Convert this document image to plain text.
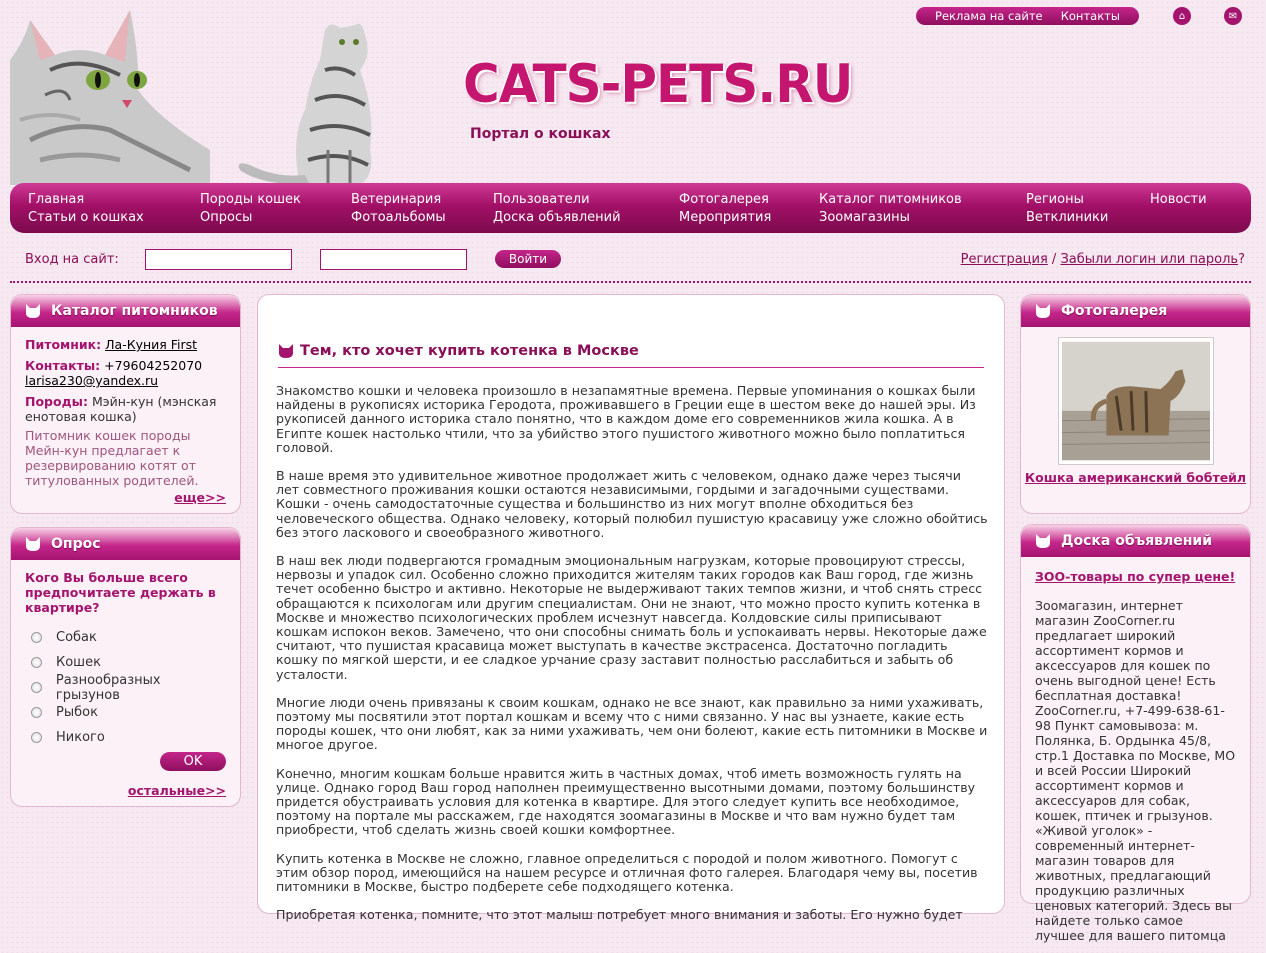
Реклама на сайте Контакты	⌂	✉
CATS-PETS.RU
Портал о кошках
Главная
Статьи о кошках
Породы кошек
Опросы
Ветеринария
Фотоальбомы
Пользователи
Доска объявлений
Фотогалерея
Мероприятия
Каталог питомников
Зоомагазины
Регионы
Ветклиники
Новости
Вход на сайт:	Войти	Регистрация / Забыли логин или пароль?
Каталог питомников
Питомник: Ла-Куния First
Контакты: +79604252070
larisa230@yandex.ru
Породы: Мэйн-кун (мэнская енотовая кошка)
Питомник кошек породы Мейн-кун предлагает к резервированию котят от титулованных родителей.
еще>>
Опрос
Кого Вы больше всего предпочитаете держать в квартире?
Собак
Кошек
Разнообразных грызунов
Рыбок
Никого
OK
остальные>>
Тем, кто хочет купить котенка в Москве

Знакомство кошки и человека произошло в незапамятные времена. Первые упоминания о кошках были найдены в рукописях историка Геродота, проживавшего в Греции еще в шестом веке до нашей эры. Из рукописей данного историка стало понятно, что в каждом доме его современников жила кошка. А в Египте кошек настолько чтили, что за убийство этого пушистого животного можно было поплатиться головой.

В наше время это удивительное животное продолжает жить с человеком, однако даже через тысячи лет совместного проживания кошки остаются независимыми, гордыми и загадочными существами. Кошки - очень самодостаточные существа и большинство из них могут вполне обходиться без человеческого общества. Однако человеку, который полюбил пушистую красавицу уже сложно обойтись без этого ласкового и своеобразного животного.

В наш век люди подвергаются громадным эмоциональным нагрузкам, которые провоцируют стрессы, нервозы и упадок сил. Особенно сложно приходится жителям таких городов как Ваш город, где жизнь течет особенно быстро и активно. Некоторые не выдерживают таких темпов жизни, и чтоб снять стресс обращаются к психологам или другим специалистам. Они не знают, что можно просто купить котенка в Москве и множество психологических проблем исчезнут навсегда. Колдовские силы приписывают кошкам испокон веков. Замечено, что они способны снимать боль и успокаивать нервы. Некоторые даже считают, что пушистая красавица может выступать в качестве экстрасенса. Достаточно погладить кошку по мягкой шерсти, и ее сладкое урчание сразу заставит полностью расслабиться и забыть об усталости.

Многие люди очень привязаны к своим кошкам, однако не все знают, как правильно за ними ухаживать, поэтому мы посвятили этот портал кошкам и всему что с ними связанно. У нас вы узнаете, какие есть породы кошек, что они любят, как за ними ухаживать, чем они болеют, какие есть питомники в Москве и многое другое.

Конечно, многим кошкам больше нравится жить в частных домах, чтоб иметь возможность гулять на улице. Однако город Ваш город наполнен преимущественно высотными домами, поэтому большинству придется обустраивать условия для котенка в квартире. Для этого следует купить все необходимое, поэтому на портале мы расскажем, где находятся зоомагазины в Москве и что вам нужно будет там приобрести, чтоб сделать жизнь своей кошки комфортнее.

Купить котенка в Москве не сложно, главное определиться с породой и полом животного. Помогут с этим обзор пород, имеющийся на нашем ресурсе и отличная фото галерея. Благодаря чему вы, посетив питомники в Москве, быстро подберете себе подходящего котенка.

Приобретая котенка, помните, что этот малыш потребует много внимания и заботы. Его нужно будет

Фотогалерея
Кошка американский бобтейл
Доска объявлений
ЗОО-товары по супер цене!
Зоомагазин, интернет магазин ZooCorner.ru предлагает широкий ассортимент кормов и аксессуаров для кошек по очень выгодной цене! Есть бесплатная доставка! ZooCorner.ru, +7-499-638-61-98 Пункт самовывоза: м. Полянка, Б. Ордынка 45/8, стр.1 Доставка по Москве, МО и всей России Широкий ассортимент кормов и аксессуаров для собак, кошек, птичек и грызунов. «Живой уголок» - современный интернет-магазин товаров для животных, предлагающий продукцию различных ценовых категорий. Здесь вы найдете только самое лучшее для вашего питомца
